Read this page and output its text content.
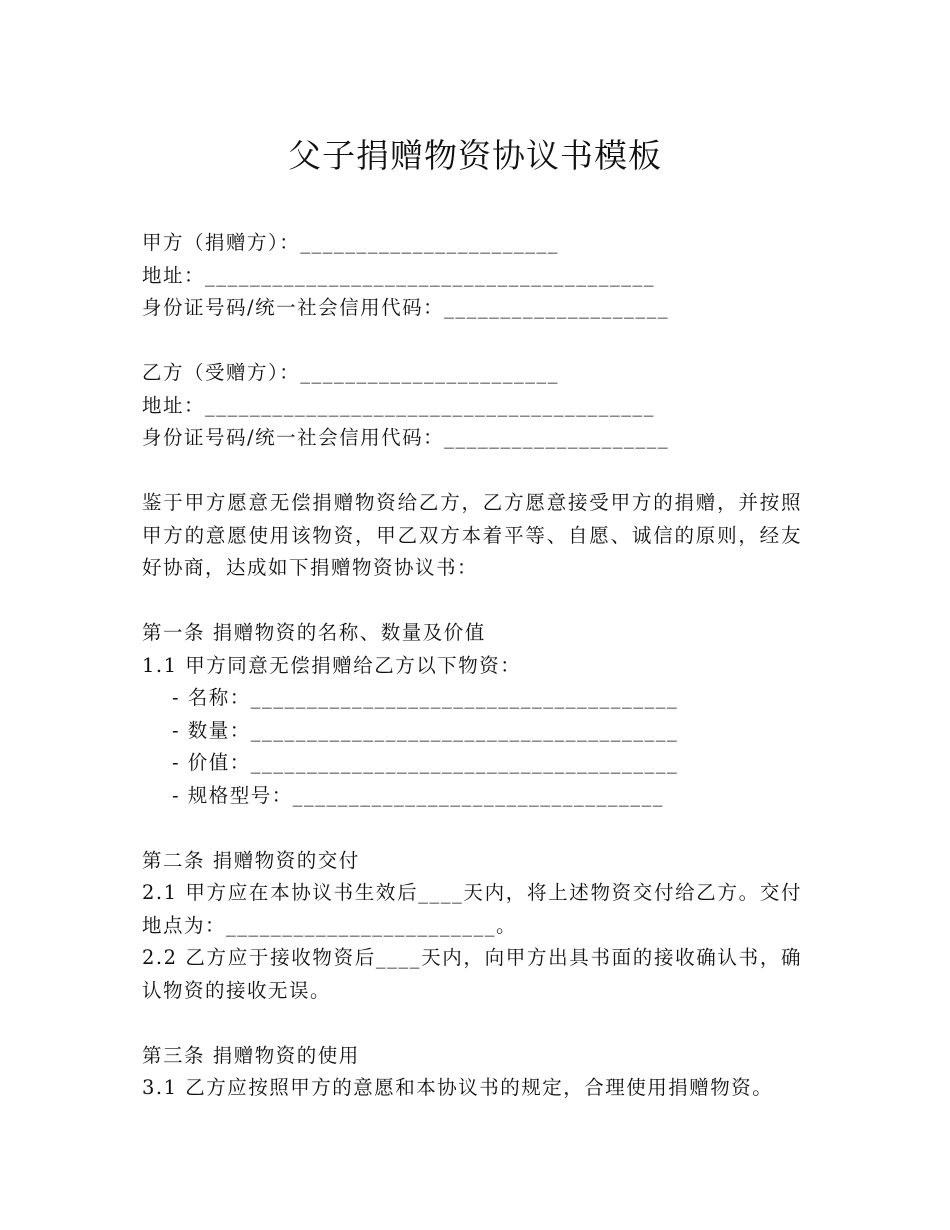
父子捐赠物资协议书模板
甲方（捐赠方）：_______________________
地址：________________________________________
身份证号码/统一社会信用代码：____________________
乙方（受赠方）：_______________________
地址：________________________________________
身份证号码/统一社会信用代码：____________________
鉴于甲方愿意无偿捐赠物资给乙方，乙方愿意接受甲方的捐赠，并按照甲方的意愿使用该物资，甲乙双方本着平等、自愿、诚信的原则，经友好协商，达成如下捐赠物资协议书：
第一条 捐赠物资的名称、数量及价值
1.1 甲方同意无偿捐赠给乙方以下物资：
- 名称：______________________________________
- 数量：______________________________________
- 价值：______________________________________
- 规格型号：_________________________________
第二条 捐赠物资的交付
2.1 甲方应在本协议书生效后____天内，将上述物资交付给乙方。交付地点为：________________________。
2.2 乙方应于接收物资后____天内，向甲方出具书面的接收确认书，确认物资的接收无误。
第三条 捐赠物资的使用
3.1 乙方应按照甲方的意愿和本协议书的规定，合理使用捐赠物资。
